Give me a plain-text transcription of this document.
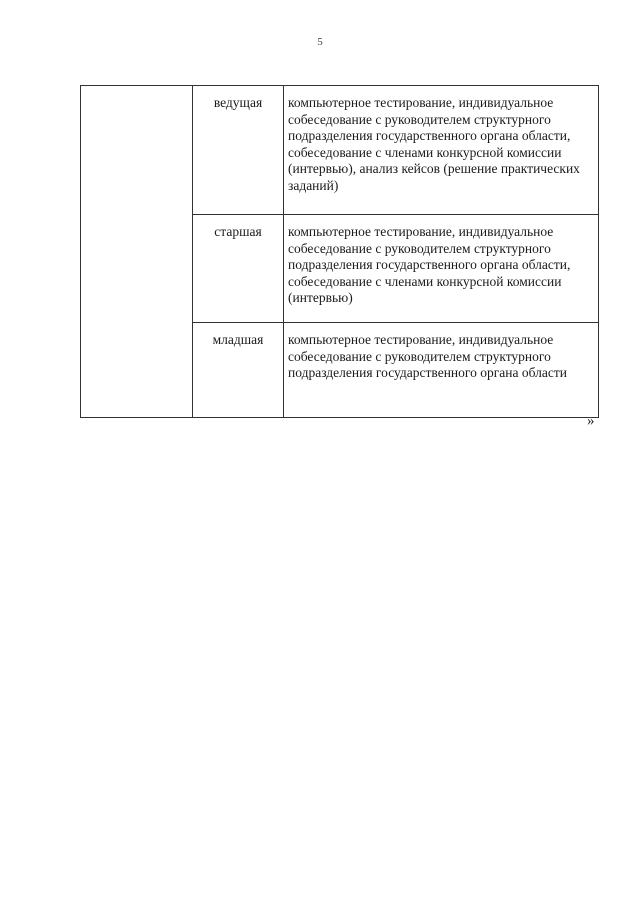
5
	ведущая	компьютерное тестирование, индивидуальное собеседование с руководителем структурного подразделения государственного органа области, собеседование с членами конкурсной комиссии (интервью), анализ кейсов (решение практических заданий)
	старшая	компьютерное тестирование, индивидуальное собеседование с руководителем структурного подразделения государственного органа области, собеседование с членами конкурсной комиссии (интервью)
	младшая	компьютерное тестирование, индивидуальное собеседование с руководителем структурного подразделения государственного органа области
»
